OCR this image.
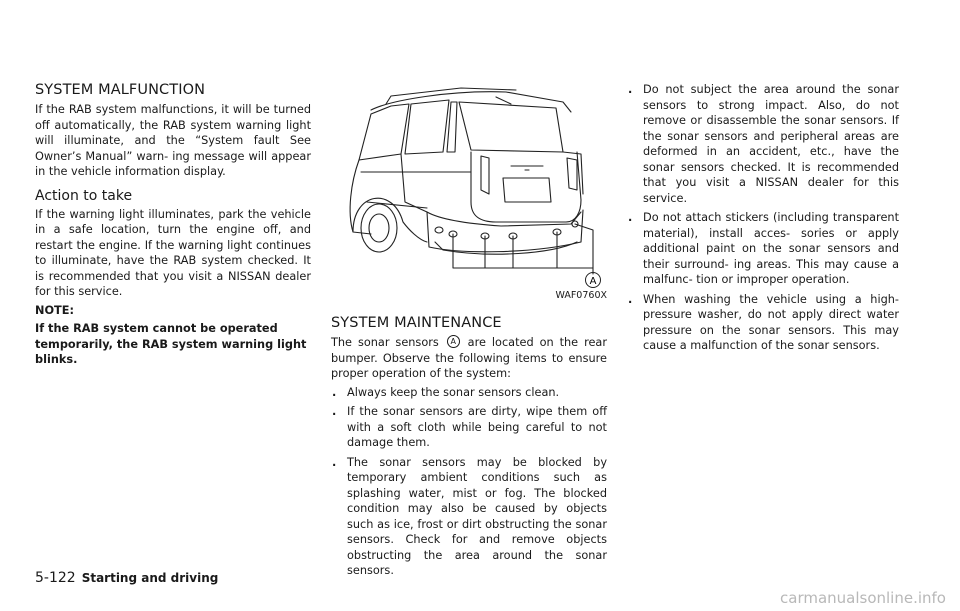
SYSTEM MALFUNCTION

If the RAB system malfunctions, it will be turned off automatically, the RAB system warning light will illuminate, and the “System fault See Owner’s Manual” warn- ing message will appear in the vehicle information display.

Action to take

If the warning light illuminates, park the vehicle in a safe location, turn the engine off, and restart the engine. If the warning light continues to illuminate, have the RAB system checked. It is recommended that you visit a NISSAN dealer for this service.

NOTE:

If the RAB system cannot be operated temporarily, the RAB system warning light blinks.

A
WAF0760X
SYSTEM MAINTENANCE

The sonar sensors A are located on the rear bumper. Observe the following items to ensure proper operation of the system:

. Always keep the sonar sensors clean.
. If the sonar sensors are dirty, wipe them off with a soft cloth while being careful to not damage them.
. The sonar sensors may be blocked by temporary ambient conditions such as splashing water, mist or fog. The blocked condition may also be caused by objects such as ice, frost or dirt obstructing the sonar sensors. Check for and remove objects obstructing the area around the sonar sensors.
. Do not subject the area around the sonar sensors to strong impact. Also, do not remove or disassemble the sonar sensors. If the sonar sensors and peripheral areas are deformed in an accident, etc., have the sonar sensors checked. It is recommended that you visit a NISSAN dealer for this service.
. Do not attach stickers (including transparent material), install acces- sories or apply additional paint on the sonar sensors and their surround- ing areas. This may cause a malfunc- tion or improper operation.
. When washing the vehicle using a high-pressure washer, do not apply direct water pressure on the sonar sensors. This may cause a malfunction of the sonar sensors.
5-122 Starting and driving
carmanualsonline.info
